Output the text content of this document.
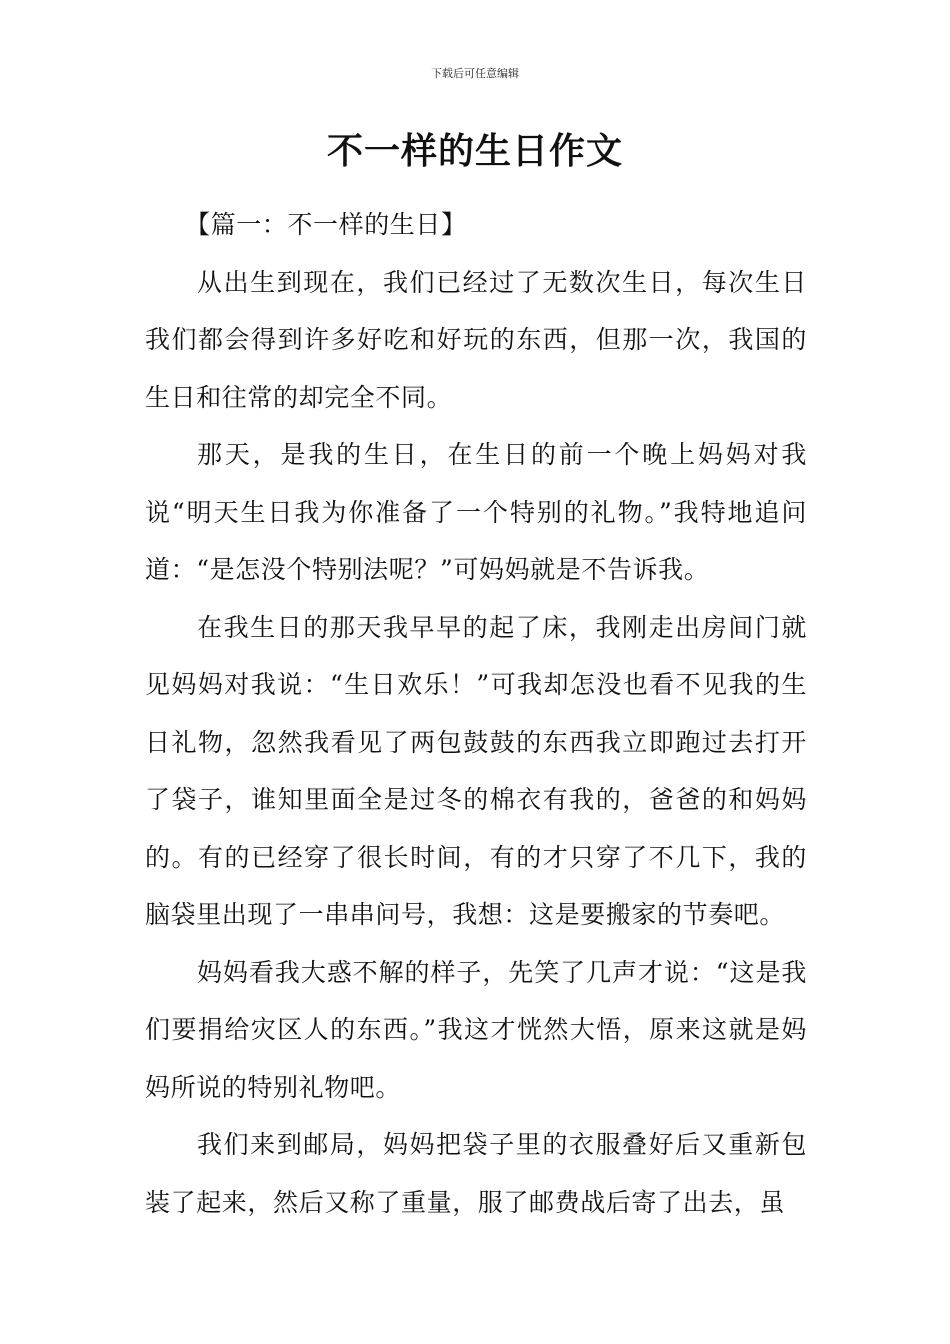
下载后可任意编辑
不一样的生日作文

【篇一：不一样的生日】

从出生到现在，我们已经过了无数次生日，每次生日我们都会得到许多好吃和好玩的东西，但那一次，我国的生日和往常的却完全不同。

那天，是我的生日，在生日的前一个晚上妈妈对我说“明天生日我为你准备了一个特别的礼物。”我特地追问道：“是怎没个特别法呢？”可妈妈就是不告诉我。

在我生日的那天我早早的起了床，我刚走出房间门就见妈妈对我说：“生日欢乐！”可我却怎没也看不见我的生日礼物，忽然我看见了两包鼓鼓的东西我立即跑过去打开了袋子，谁知里面全是过冬的棉衣有我的，爸爸的和妈妈的。有的已经穿了很长时间，有的才只穿了不几下，我的脑袋里出现了一串串问号，我想：这是要搬家的节奏吧。

妈妈看我大惑不解的样子，先笑了几声才说：“这是我们要捐给灾区人的东西。”我这才恍然大悟，原来这就是妈妈所说的特别礼物吧。

我们来到邮局，妈妈把袋子里的衣服叠好后又重新包装了起来，然后又称了重量，服了邮费战后寄了出去，虽
